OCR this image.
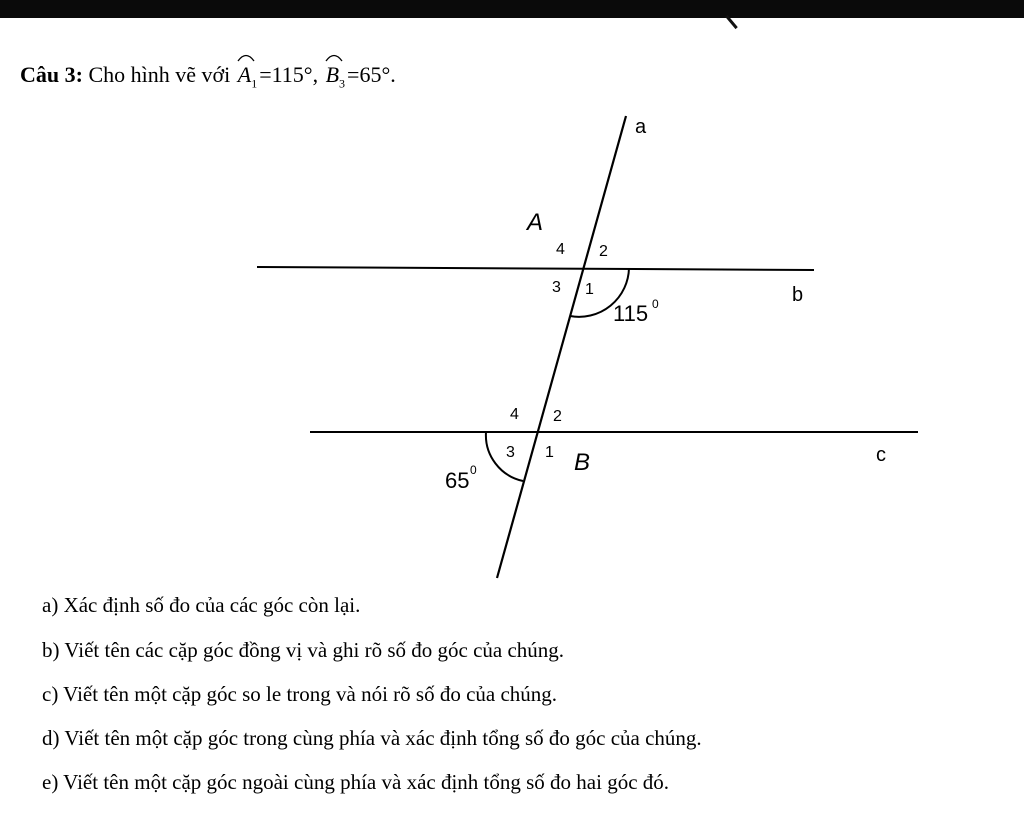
Câu 3: Cho hình vẽ với $A_1=115^\circ$, $B_3=65^\circ$.
a
b
c
A
B
4 2
3 1
4 2
3 1
115 0
65 0
a) Xác định số đo của các góc còn lại.
b) Viết tên các cặp góc đồng vị và ghi rõ số đo góc của chúng.
c) Viết tên một cặp góc so le trong và nói rõ số đo của chúng.
d) Viết tên một cặp góc trong cùng phía và xác định tổng số đo góc của chúng.
e) Viết tên một cặp góc ngoài cùng phía và xác định tổng số đo hai góc đó.
